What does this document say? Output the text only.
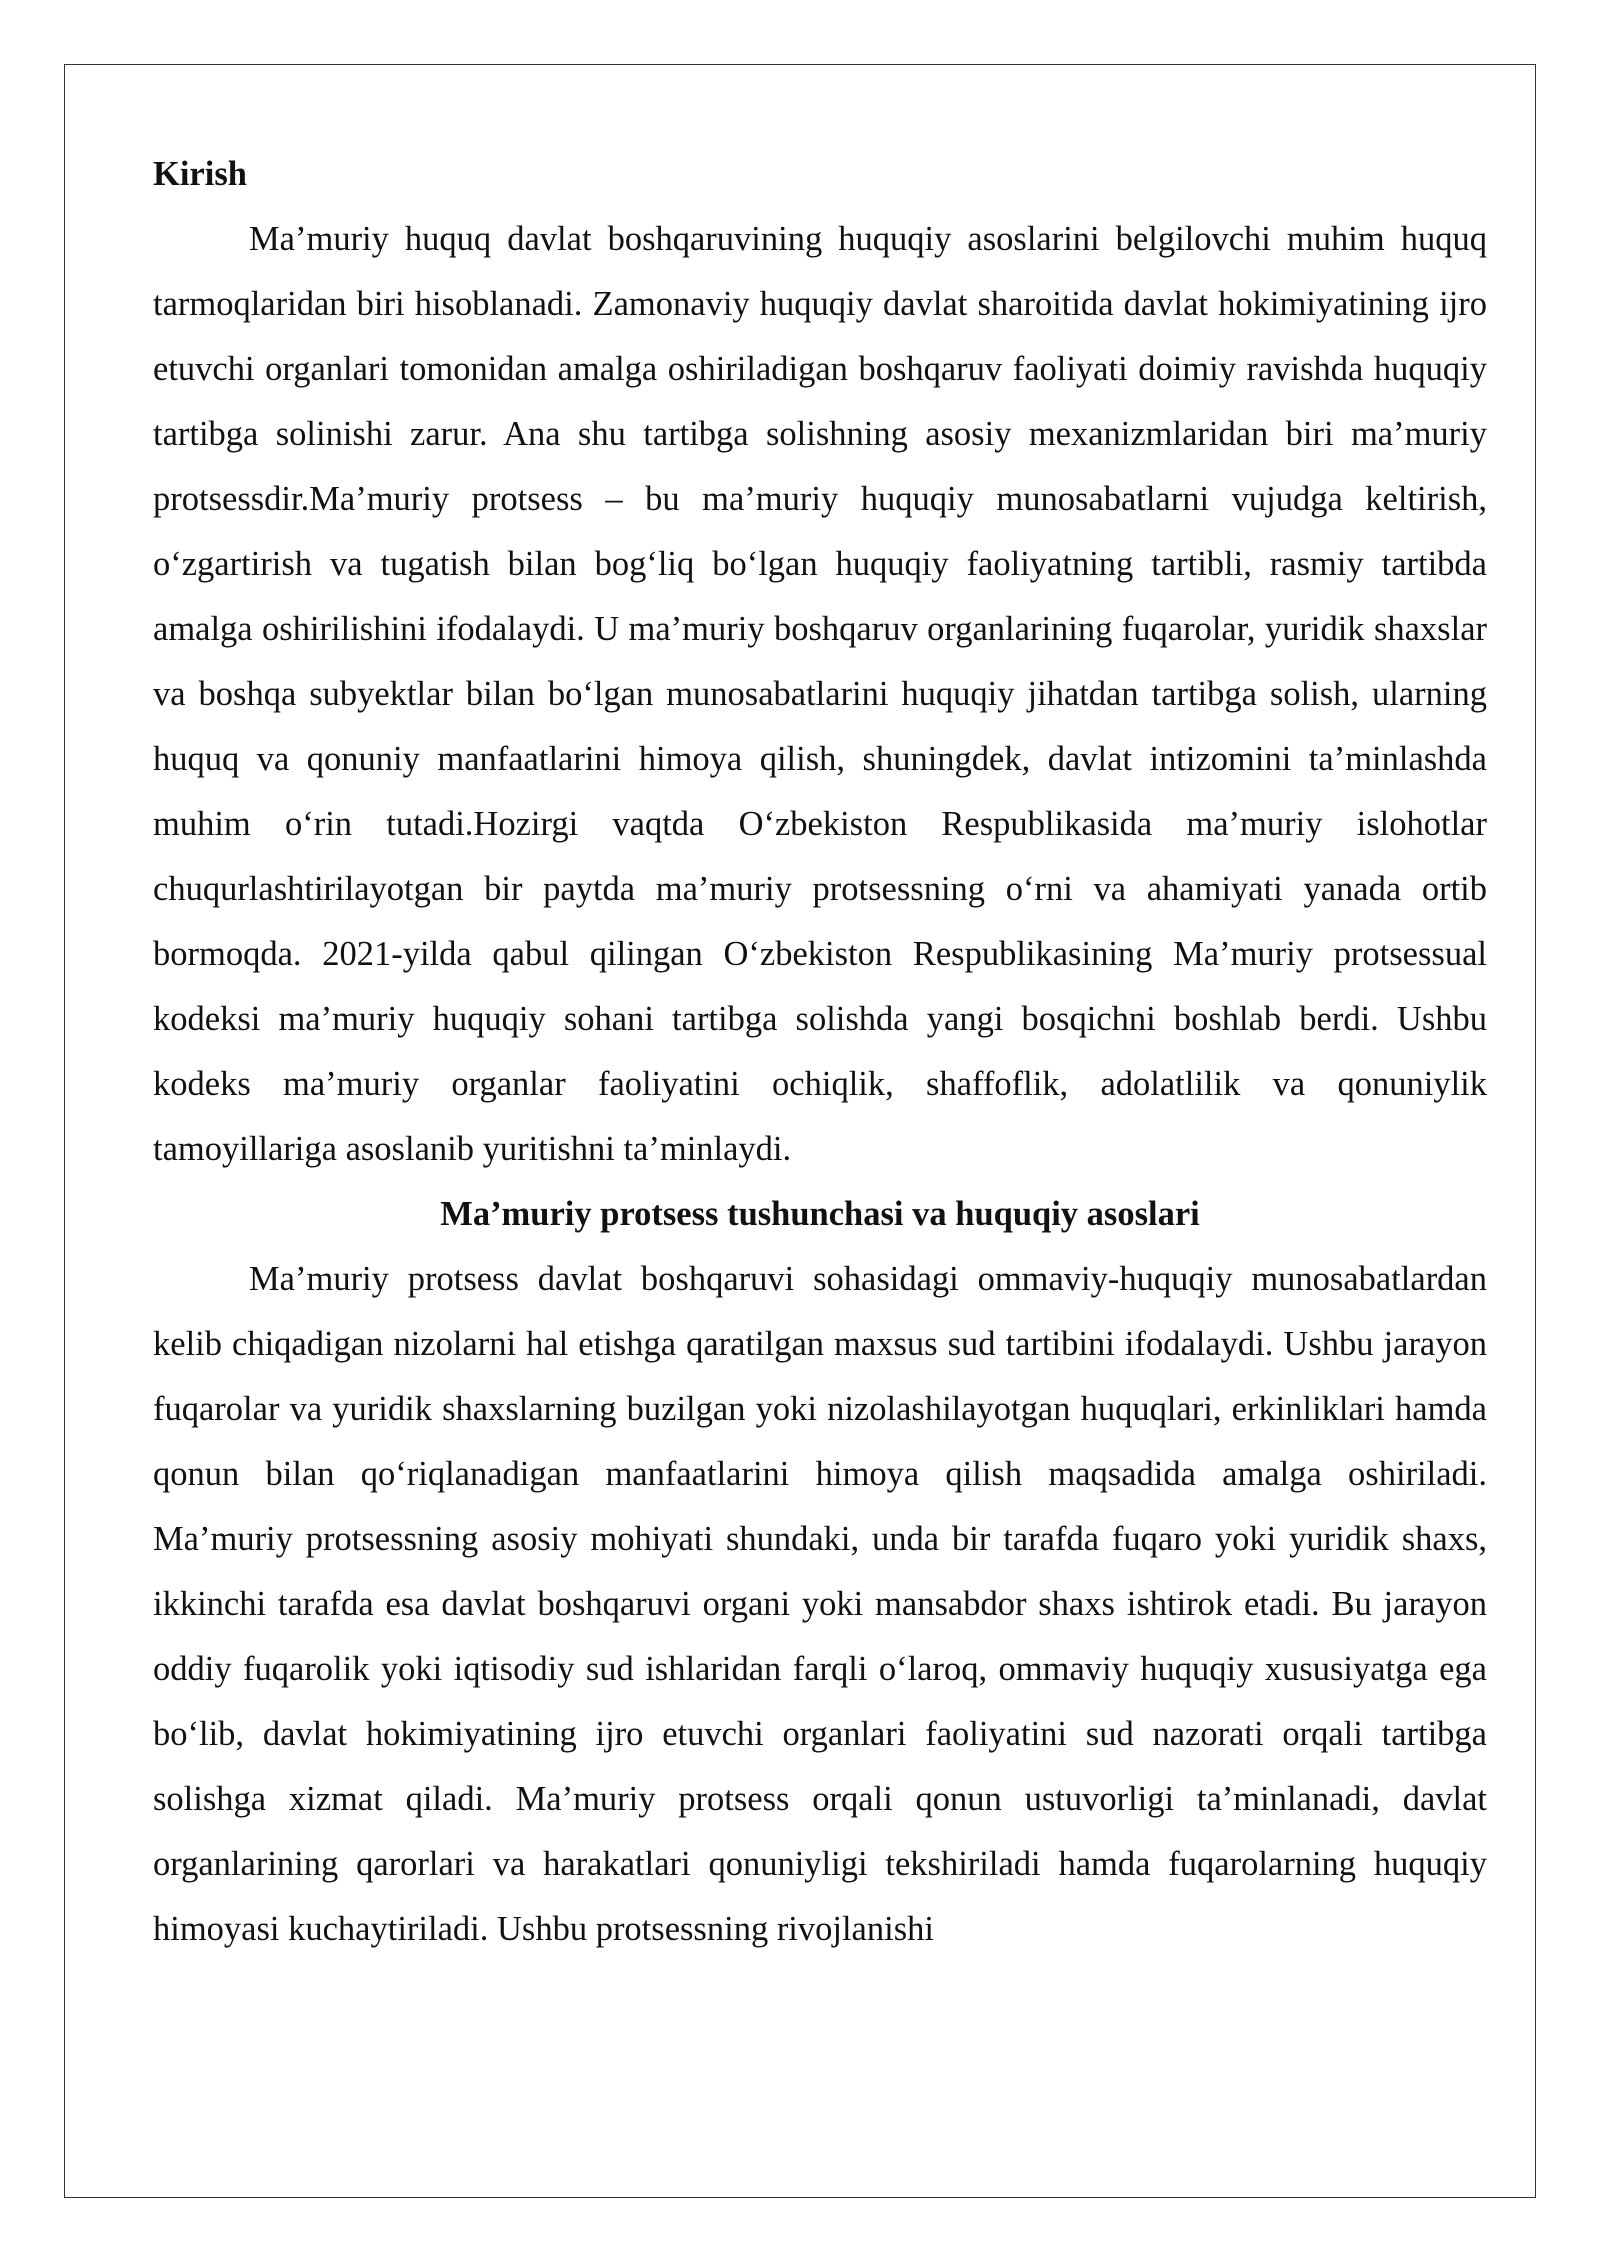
Kirish

Ma’muriy huquq davlat boshqaruvining huquqiy asoslarini belgilovchi muhim huquq tarmoqlaridan biri hisoblanadi. Zamonaviy huquqiy davlat sharoitida davlat hokimiyatining ijro etuvchi organlari tomonidan amalga oshiriladigan boshqaruv faoliyati doimiy ravishda huquqiy tartibga solinishi zarur. Ana shu tartibga solishning asosiy mexanizmlaridan biri ma’muriy protsessdir.Ma’muriy protsess – bu ma’muriy huquqiy munosabatlarni vujudga keltirish, oʻzgartirish va tugatish bilan bogʻliq boʻlgan huquqiy faoliyatning tartibli, rasmiy tartibda amalga oshirilishini ifodalaydi. U ma’muriy boshqaruv organlarining fuqarolar, yuridik shaxslar va boshqa subyektlar bilan boʻlgan munosabatlarini huquqiy jihatdan tartibga solish, ularning huquq va qonuniy manfaatlarini himoya qilish, shuningdek, davlat intizomini ta’minlashda muhim oʻrin tutadi.Hozirgi vaqtda Oʻzbekiston Respublikasida ma’muriy islohotlar chuqurlashtirilayotgan bir paytda ma’muriy protsessning oʻrni va ahamiyati yanada ortib bormoqda. 2021-yilda qabul qilingan Oʻzbekiston Respublikasining Ma’muriy protsessual kodeksi ma’muriy huquqiy sohani tartibga solishda yangi bosqichni boshlab berdi. Ushbu kodeks ma’muriy organlar faoliyatini ochiqlik, shaffoflik, adolatlilik va qonuniylik tamoyillariga asoslanib yuritishni ta’minlaydi.

Ma’muriy protsess tushunchasi va huquqiy asoslari

Ma’muriy protsess davlat boshqaruvi sohasidagi ommaviy-huquqiy munosabatlardan kelib chiqadigan nizolarni hal etishga qaratilgan maxsus sud tartibini ifodalaydi. Ushbu jarayon fuqarolar va yuridik shaxslarning buzilgan yoki nizolashilayotgan huquqlari, erkinliklari hamda qonun bilan qoʻriqlanadigan manfaatlarini himoya qilish maqsadida amalga oshiriladi. Ma’muriy protsessning asosiy mohiyati shundaki, unda bir tarafda fuqaro yoki yuridik shaxs, ikkinchi tarafda esa davlat boshqaruvi organi yoki mansabdor shaxs ishtirok etadi. Bu jarayon oddiy fuqarolik yoki iqtisodiy sud ishlaridan farqli oʻlaroq, ommaviy huquqiy xususiyatga ega boʻlib, davlat hokimiyatining ijro etuvchi organlari faoliyatini sud nazorati orqali tartibga solishga xizmat qiladi. Ma’muriy protsess orqali qonun ustuvorligi ta’minlanadi, davlat organlarining qarorlari va harakatlari qonuniyligi tekshiriladi hamda fuqarolarning huquqiy himoyasi kuchaytiriladi. Ushbu protsessning rivojlanishi
